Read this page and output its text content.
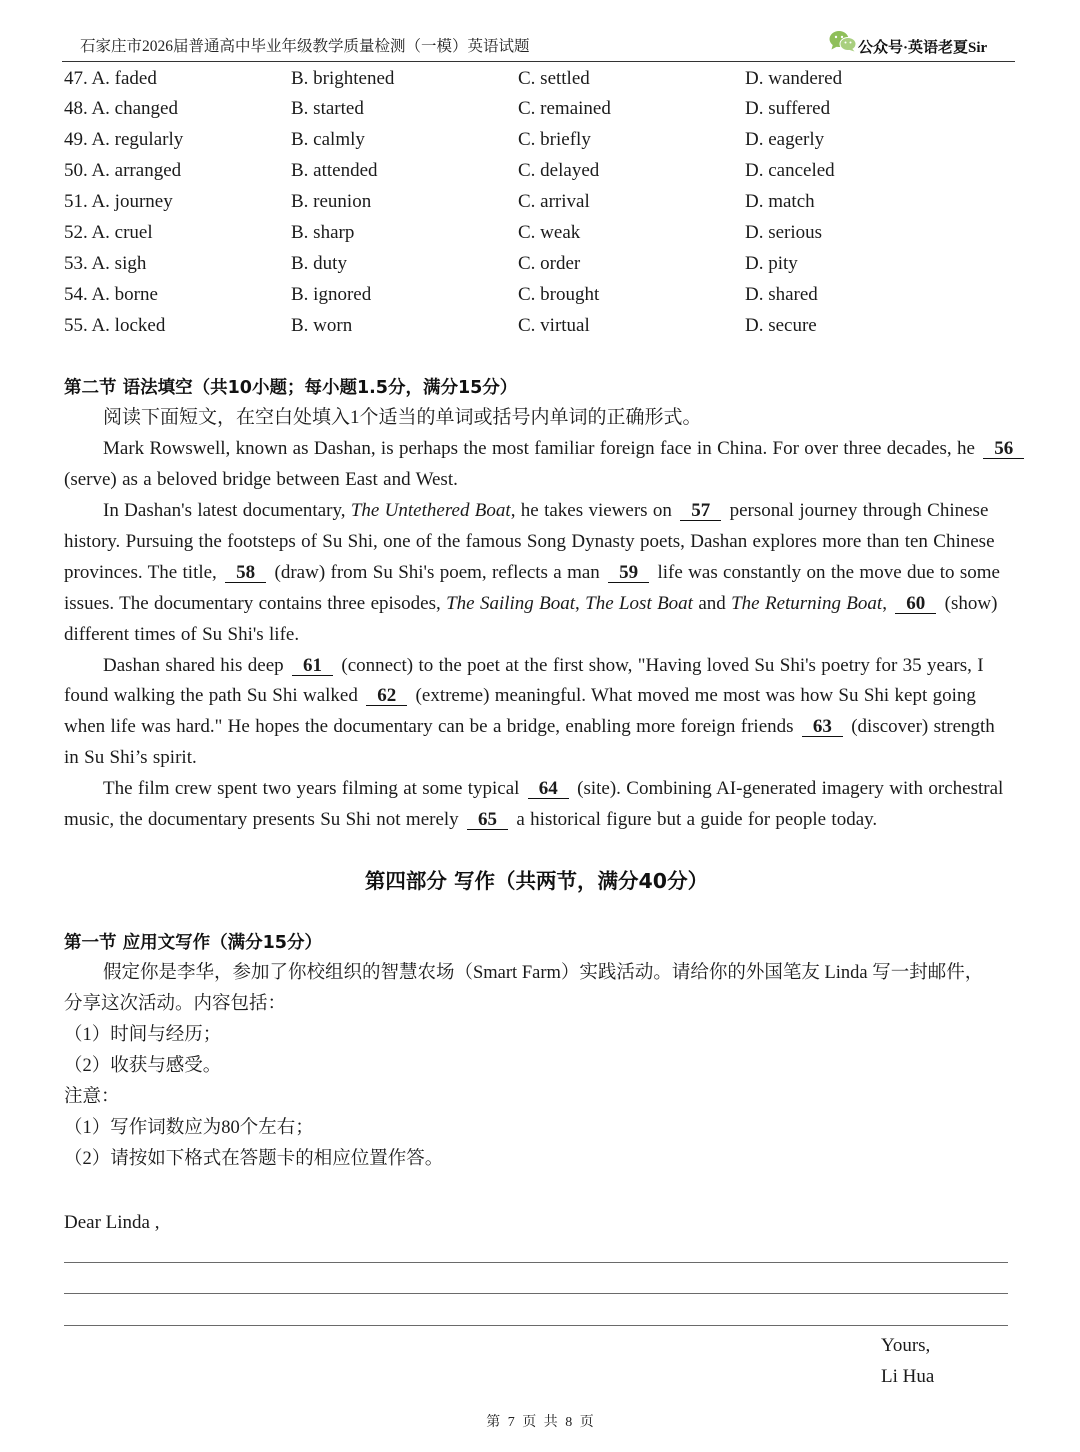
石家庄市2026届普通高中毕业年级教学质量检测（一模）英语试题	公众号·英语老夏Sir
47. A. faded	B. brightened	C. settled	D. wandered
48. A. changed	B. started	C. remained	D. suffered
49. A. regularly	B. calmly	C. briefly	D. eagerly
50. A. arranged	B. attended	C. delayed	D. canceled
51. A. journey	B. reunion	C. arrival	D. match
52. A. cruel	B. sharp	C. weak	D. serious
53. A. sigh	B. duty	C. order	D. pity
54. A. borne	B. ignored	C. brought	D. shared
55. A. locked	B. worn	C. virtual	D. secure
第二节 语法填空（共10小题；每小题1.5分，满分15分）
阅读下面短文，在空白处填入1个适当的单词或括号内单词的正确形式。
Mark Rowswell, known as Dashan, is perhaps the most familiar foreign face in China. For over three decades, he 56
(serve) as a beloved bridge between East and West.
In Dashan's latest documentary, The Untethered Boat, he takes viewers on 57 personal journey through Chinese
history. Pursuing the footsteps of Su Shi, one of the famous Song Dynasty poets, Dashan explores more than ten Chinese
provinces. The title, 58 (draw) from Su Shi's poem, reflects a man 59 life was constantly on the move due to some
issues. The documentary contains three episodes, The Sailing Boat, The Lost Boat and The Returning Boat, 60 (show)
different times of Su Shi's life.
Dashan shared his deep 61 (connect) to the poet at the first show, "Having loved Su Shi's poetry for 35 years, I
found walking the path Su Shi walked 62 (extreme) meaningful. What moved me most was how Su Shi kept going
when life was hard." He hopes the documentary can be a bridge, enabling more foreign friends 63 (discover) strength
in Su Shi’s spirit.
The film crew spent two years filming at some typical 64 (site). Combining AI-generated imagery with orchestral
music, the documentary presents Su Shi not merely 65 a historical figure but a guide for people today.
第四部分 写作（共两节，满分40分）
第一节 应用文写作（满分15分）
假定你是李华，参加了你校组织的智慧农场（Smart Farm）实践活动。请给你的外国笔友 Linda 写一封邮件，
分享这次活动。内容包括：
（1）时间与经历；
（2）收获与感受。
注意：
（1）写作词数应为80个左右；
（2）请按如下格式在答题卡的相应位置作答。
Dear Linda ,
Yours,
Li Hua
第 7 页 共 8 页
